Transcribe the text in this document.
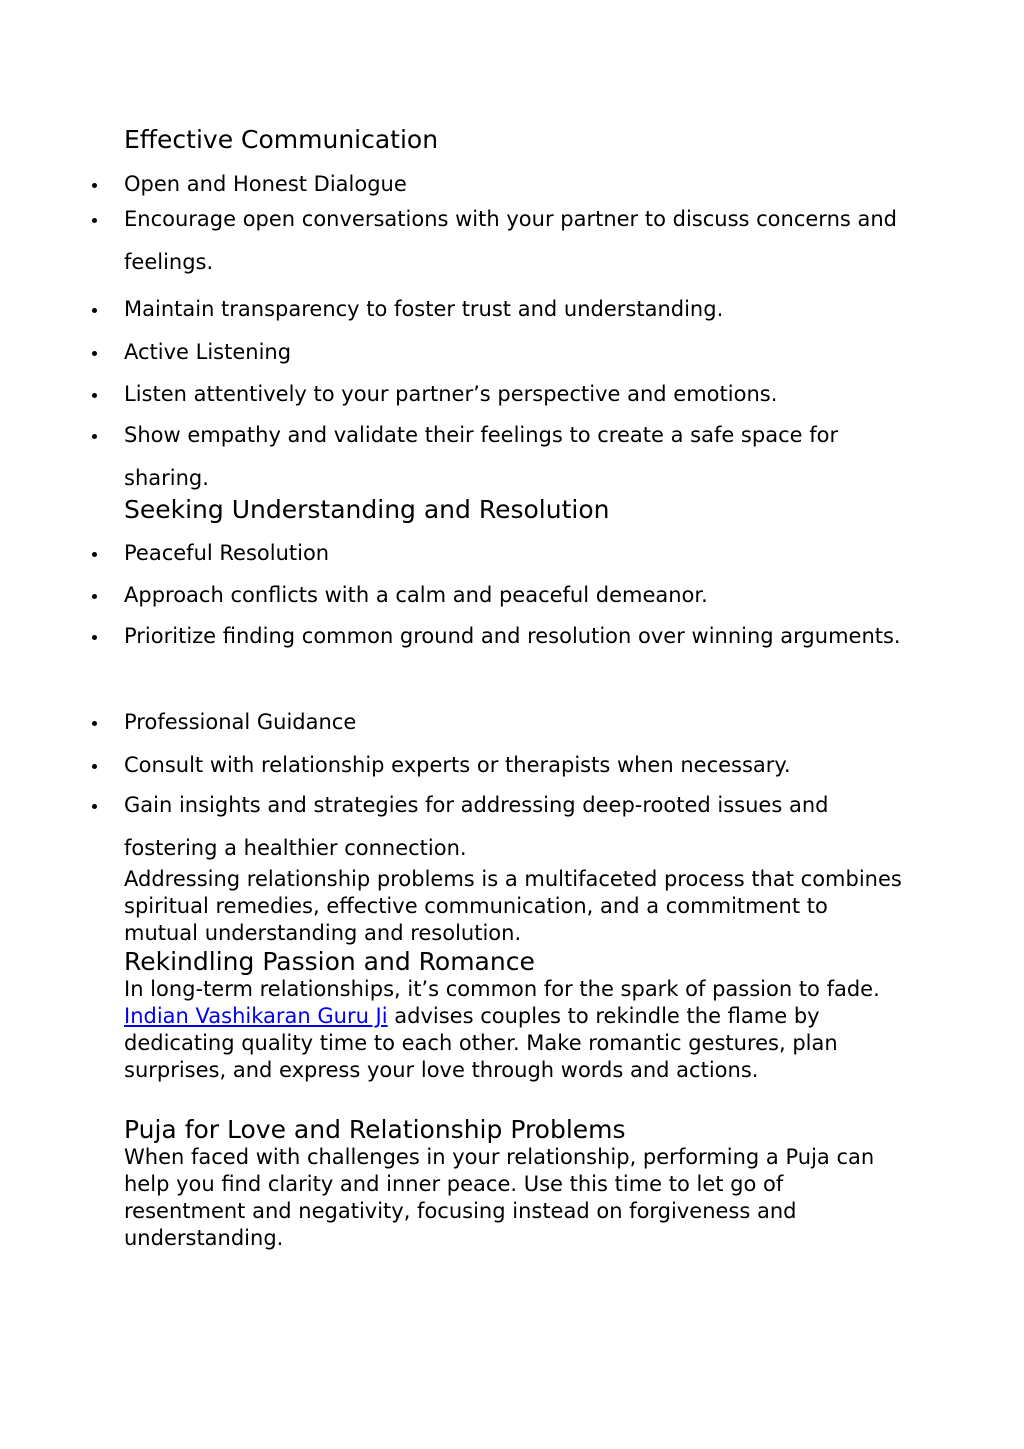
Effective Communication
Open and Honest Dialogue
Encourage open conversations with your partner to discuss concerns and feelings.
Maintain transparency to foster trust and understanding.
Active Listening
Listen attentively to your partner’s perspective and emotions.
Show empathy and validate their feelings to create a safe space for sharing.
Seeking Understanding and Resolution
Peaceful Resolution
Approach conflicts with a calm and peaceful demeanor.
Prioritize finding common ground and resolution over winning arguments.
Professional Guidance
Consult with relationship experts or therapists when necessary.
Gain insights and strategies for addressing deep-rooted issues and fostering a healthier connection.

Addressing relationship problems is a multifaceted process that combines spiritual remedies, effective communication, and a commitment to mutual understanding and resolution.

Rekindling Passion and Romance

In long-term relationships, it’s common for the spark of passion to fade. Indian Vashikaran Guru Ji advises couples to rekindle the flame by dedicating quality time to each other. Make romantic gestures, plan surprises, and express your love through words and actions.

Puja for Love and Relationship Problems

When faced with challenges in your relationship, performing a Puja can help you find clarity and inner peace. Use this time to let go of resentment and negativity, focusing instead on forgiveness and understanding.
